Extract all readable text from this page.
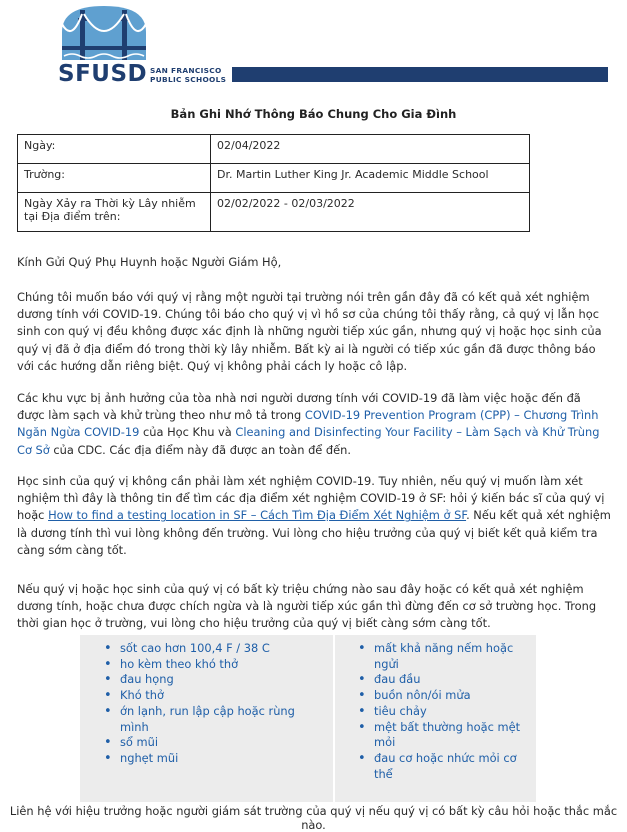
SFUSD SAN FRANCISCO
PUBLIC SCHOOLS
Bản Ghi Nhớ Thông Báo Chung Cho Gia Đình
Ngày:	02/04/2022
Trường:	Dr. Martin Luther King Jr. Academic Middle School
Ngày Xảy ra Thời kỳ Lây nhiễm tại Địa điểm trên:	02/02/2022 - 02/03/2022
Kính Gửi Quý Phụ Huynh hoặc Người Giám Hộ,
Chúng tôi muốn báo với quý vị rằng một người tại trường nói trên gần đây đã có kết quả xét nghiệm dương tính với COVID-19. Chúng tôi báo cho quý vị vì hồ sơ của chúng tôi thấy rằng, cả quý vị lẫn học sinh con quý vị đều không được xác định là những người tiếp xúc gần, nhưng quý vị hoặc học sinh của quý vị đã ở địa điểm đó trong thời kỳ lây nhiễm. Bất kỳ ai là người có tiếp xúc gần đã được thông báo với các hướng dẫn riêng biệt. Quý vị không phải cách ly hoặc cô lập.
Các khu vực bị ảnh hưởng của tòa nhà nơi người dương tính với COVID-19 đã làm việc hoặc đến đã được làm sạch và khử trùng theo như mô tả trong COVID-19 Prevention Program (CPP) – Chương Trình Ngăn Ngừa COVID-19 của Học Khu và Cleaning and Disinfecting Your Facility – Làm Sạch và Khử Trùng Cơ Sở của CDC. Các địa điểm này đã được an toàn để đến.
Học sinh của quý vị không cần phải làm xét nghiệm COVID-19. Tuy nhiên, nếu quý vị muốn làm xét nghiệm thì đây là thông tin để tìm các địa điểm xét nghiệm COVID-19 ở SF: hỏi ý kiến bác sĩ của quý vị hoặc How to find a testing location in SF – Cách Tìm Địa Điểm Xét Nghiệm ở SF. Nếu kết quả xét nghiệm là dương tính thì vui lòng không đến trường. Vui lòng cho hiệu trưởng của quý vị biết kết quả kiểm tra càng sớm càng tốt.
Nếu quý vị hoặc học sinh của quý vị có bất kỳ triệu chứng nào sau đây hoặc có kết quả xét nghiệm dương tính, hoặc chưa được chích ngừa và là người tiếp xúc gần thì đừng đến cơ sở trường học. Trong thời gian học ở trường, vui lòng cho hiệu trưởng của quý vị biết càng sớm càng tốt.
• sốt cao hơn 100,4 F / 38 C
• ho kèm theo khó thở
• đau họng
• Khó thở
• ớn lạnh, run lập cập hoặc rùng mình
• sổ mũi
• nghẹt mũi
• mất khả năng nếm hoặc ngửi
• đau đầu
• buồn nôn/ói mửa
• tiêu chảy
• mệt bất thường hoặc mệt mỏi
• đau cơ hoặc nhức mỏi cơ thể
Liên hệ với hiệu trưởng hoặc người giám sát trường của quý vị nếu quý vị có bất kỳ câu hỏi hoặc thắc mắc nào.
